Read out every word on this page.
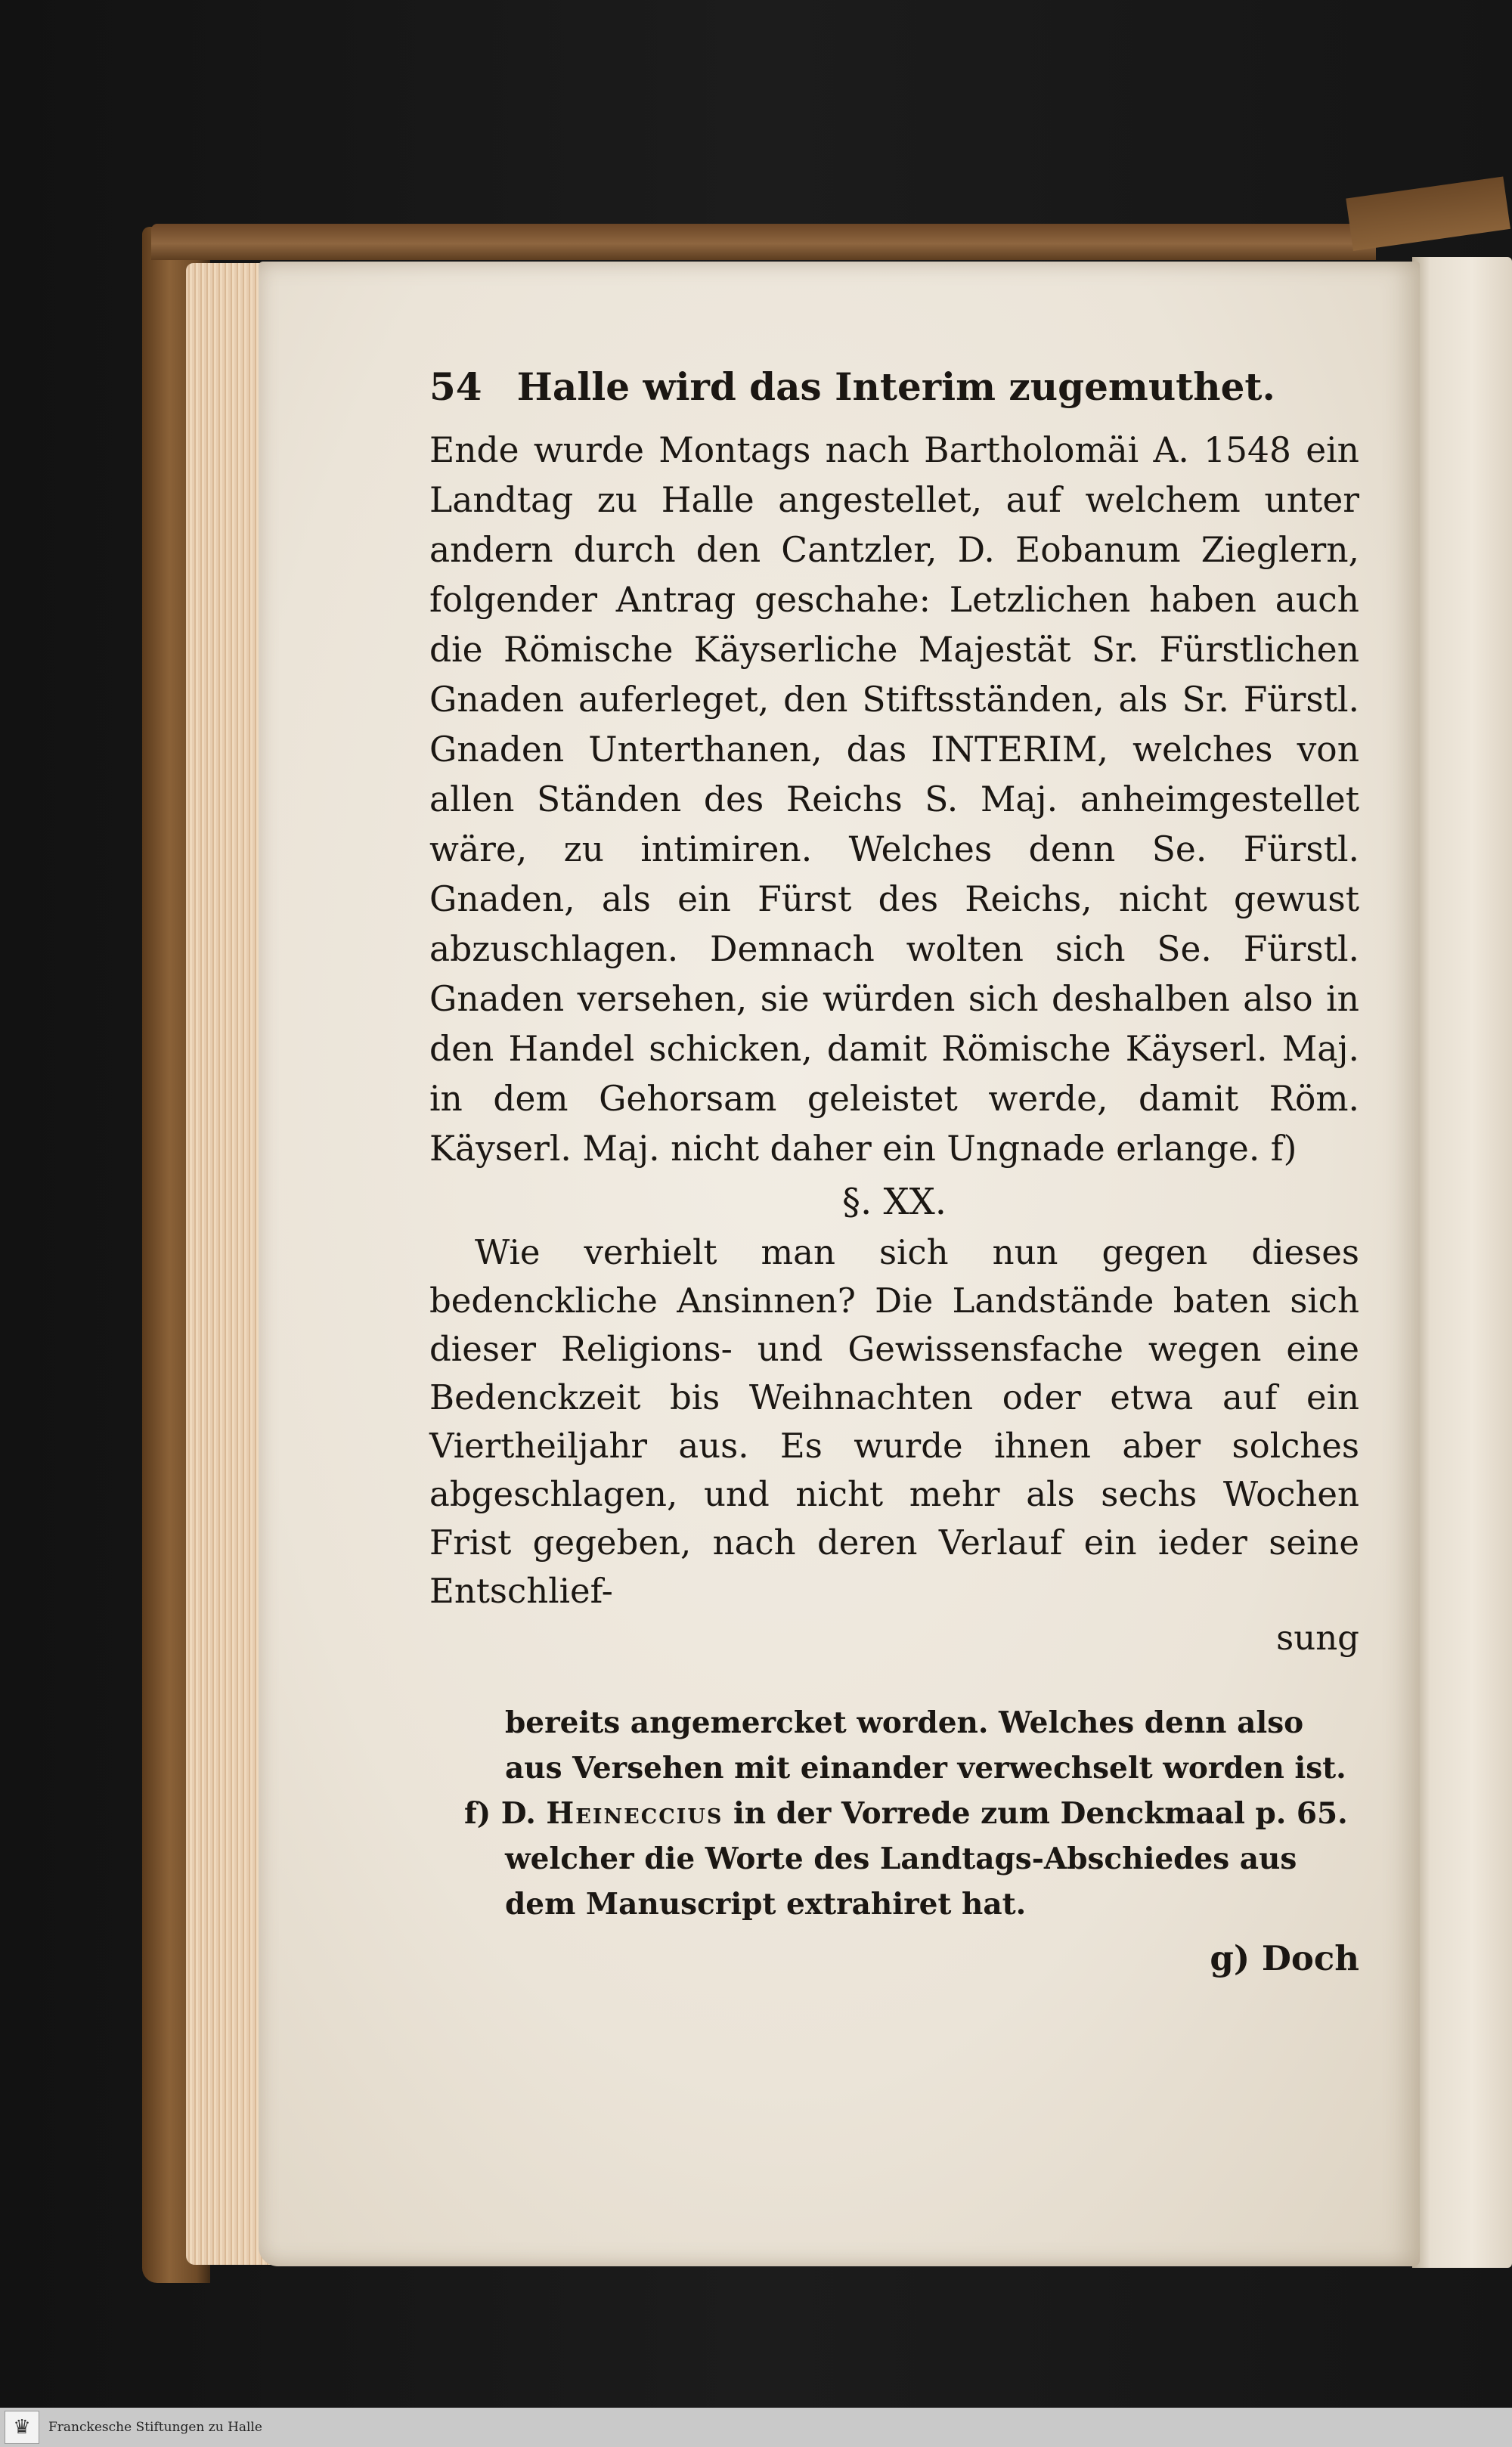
54 Halle wird das Interim zugemuthet.
Ende wurde Montags nach Bartholomäi A. 1548 ein Landtag zu Halle angestellet, auf welchem unter andern durch den Cantzler, D. Eobanum Zieglern, folgender Antrag geschahe: Letzlichen haben auch die Römische Käyserliche Majestät Sr. Fürstlichen Gnaden auferleget, den Stiftsständen, als Sr. Fürstl. Gnaden Unterthanen, das INTERIM, welches von allen Ständen des Reichs S. Maj. anheimgestellet wäre, zu intimiren. Welches denn Se. Fürstl. Gnaden, als ein Fürst des Reichs, nicht gewust abzuschlagen. Demnach wolten sich Se. Fürstl. Gnaden versehen, sie würden sich deshalben also in den Handel schicken, damit Römische Käyserl. Maj. in dem Gehorsam geleistet werde, damit Röm. Käyserl. Maj. nicht daher ein Ungnade erlange. f)
§. XX.
Wie verhielt man sich nun gegen dieses bedenckliche Ansinnen? Die Landstände baten sich dieser Religions- und Gewissensfache wegen eine Bedenckzeit bis Weihnachten oder etwa auf ein Viertheiljahr aus. Es wurde ihnen aber solches abgeschlagen, und nicht mehr als sechs Wochen Frist gegeben, nach deren Verlauf ein ieder seine Entschlief-
sung
bereits angemercket worden. Welches denn also aus Versehen mit einander verwechselt worden ist.
f) D. Heineccius in der Vorrede zum Denckmaal p. 65. welcher die Worte des Landtags-Abschiedes aus dem Manuscript extrahiret hat.
g) Doch
♛	Franckesche Stiftungen zu Halle
